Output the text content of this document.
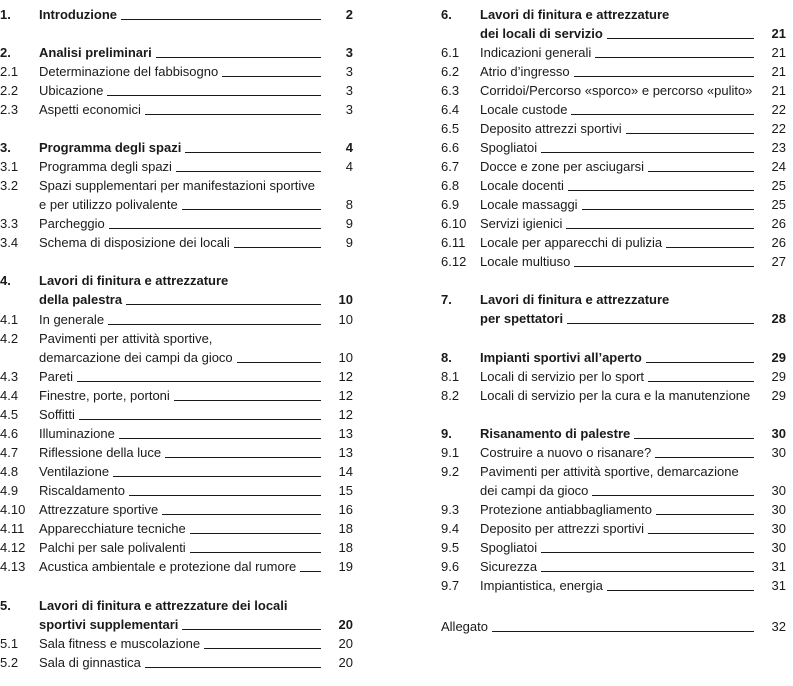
1. Introduzione	2
2. Analisi preliminari	3
2.1 Determinazione del fabbisogno	3
2.2 Ubicazione	3
2.3 Aspetti economici	3
3. Programma degli spazi	4
3.1 Programma degli spazi	4
3.2 Spazi supplementari per manifestazioni sportive
e per utilizzo polivalente	8
3.3 Parcheggio	9
3.4 Schema di disposizione dei locali	9
4. Lavori di finitura e attrezzature
della palestra	10
4.1 In generale	10
4.2 Pavimenti per attività sportive,
demarcazione dei campi da gioco	10
4.3 Pareti	12
4.4 Finestre, porte, portoni	12
4.5 Soffitti	12
4.6 Illuminazione	13
4.7 Riflessione della luce	13
4.8 Ventilazione	14
4.9 Riscaldamento	15
4.10 Attrezzature sportive	16
4.11 Apparecchiature tecniche	18
4.12 Palchi per sale polivalenti	18
4.13 Acustica ambientale e protezione dal rumore	19
5. Lavori di finitura e attrezzature dei locali
sportivi supplementari	20
5.1 Sala fitness e muscolazione	20
5.2 Sala di ginnastica	20
6. Lavori di finitura e attrezzature
dei locali di servizio	21
6.1 Indicazioni generali	21
6.2 Atrio d’ingresso	21
6.3 Corridoi/Percorso «sporco» e percorso «pulito» 21
6.4 Locale custode	22
6.5 Deposito attrezzi sportivi	22
6.6 Spogliatoi	23
6.7 Docce e zone per asciugarsi	24
6.8 Locale docenti	25
6.9 Locale massaggi	25
6.10 Servizi igienici	26
6.11 Locale per apparecchi di pulizia	26
6.12 Locale multiuso	27
7. Lavori di finitura e attrezzature
per spettatori	28
8. Impianti sportivi all’aperto	29
8.1 Locali di servizio per lo sport	29
8.2 Locali di servizio per la cura e la manutenzione 29
9. Risanamento di palestre	30
9.1 Costruire a nuovo o risanare?	30
9.2 Pavimenti per attività sportive, demarcazione
dei campi da gioco	30
9.3 Protezione antiabbagliamento	30
9.4 Deposito per attrezzi sportivi	30
9.5 Spogliatoi	30
9.6 Sicurezza	31
9.7 Impiantistica, energia	31
Allegato	32
